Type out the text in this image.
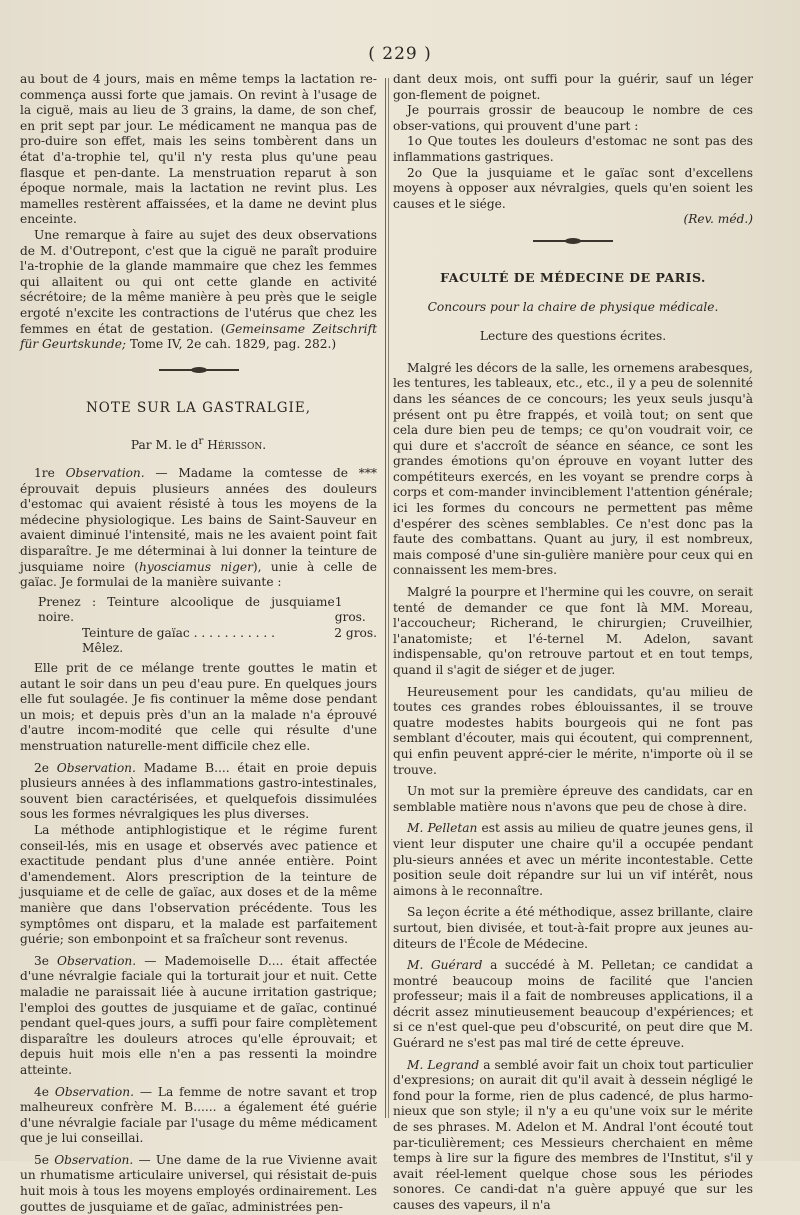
( 229 )

au bout de 4 jours, mais en même temps la lactation re-commença aussi forte que jamais. On revint à l'usage de la ciguë, mais au lieu de 3 grains, la dame, de son chef, en prit sept par jour. Le médicament ne manqua pas de pro-duire son effet, mais les seins tombèrent dans un état d'a-trophie tel, qu'il n'y resta plus qu'une peau flasque et pen-dante. La menstruation reparut à son époque normale, mais la lactation ne revint plus. Les mamelles restèrent affaissées, et la dame ne devint plus enceinte.

Une remarque à faire au sujet des deux observations de M. d'Outrepont, c'est que la ciguë ne paraît produire l'a-trophie de la glande mammaire que chez les femmes qui allaitent ou qui ont cette glande en activité sécrétoire; de la même manière à peu près que le seigle ergoté n'excite les contractions de l'utérus que chez les femmes en état de gestation. (Gemeinsame Zeitschrift für Geurtskunde; Tome IV, 2e cah. 1829, pag. 282.)

NOTE SUR LA GASTRALGIE,
Par M. le $d^r$ Hérisson.

1re Observation. — Madame la comtesse de *** éprouvait depuis plusieurs années des douleurs d'estomac qui avaient résisté à tous les moyens de la médecine physiologique. Les bains de Saint-Sauveur en avaient diminué l'intensité, mais ne les avaient point fait disparaître. Je me déterminai à lui donner la teinture de jusquiame noire (hyosciamus niger), unie à celle de gaïac. Je formulai de la manière suivante :

Prenez : Teinture alcoolique de jusquiame noire.
1 gros.
Teinture de gaïac . . . . . . . . . . .	2 gros.
Mêlez.

Elle prit de ce mélange trente gouttes le matin et autant le soir dans un peu d'eau pure. En quelques jours elle fut soulagée. Je fis continuer la même dose pendant un mois; et depuis près d'un an la malade n'a éprouvé d'autre incom-modité que celle qui résulte d'une menstruation naturelle-ment difficile chez elle.

2e Observation. Madame B.... était en proie depuis plusieurs années à des inflammations gastro-intestinales, souvent bien caractérisées, et quelquefois dissimulées sous les formes névralgiques les plus diverses.

La méthode antiphlogistique et le régime furent conseil-lés, mis en usage et observés avec patience et exactitude pendant plus d'une année entière. Point d'amendement. Alors prescription de la teinture de jusquiame et de celle de gaïac, aux doses et de la même manière que dans l'observation précédente. Tous les symptômes ont disparu, et la malade est parfaitement guérie; son embonpoint et sa fraîcheur sont revenus.

3e Observation. — Mademoiselle D.... était affectée d'une névralgie faciale qui la torturait jour et nuit. Cette maladie ne paraissait liée à aucune irritation gastrique; l'emploi des gouttes de jusquiame et de gaïac, continué pendant quel-ques jours, a suffi pour faire complètement disparaître les douleurs atroces qu'elle éprouvait; et depuis huit mois elle n'en a pas ressenti la moindre atteinte.

4e Observation. — La femme de notre savant et trop malheureux confrère M. B...... a également été guérie d'une névralgie faciale par l'usage du même médicament que je lui conseillai.

5e Observation. — Une dame de la rue Vivienne avait un rhumatisme articulaire universel, qui résistait de-puis huit mois à tous les moyens employés ordinairement. Les gouttes de jusquiame et de gaïac, administrées pen-

dant deux mois, ont suffi pour la guérir, sauf un léger gon-flement de poignet.

Je pourrais grossir de beaucoup le nombre de ces obser-vations, qui prouvent d'une part :

1o Que toutes les douleurs d'estomac ne sont pas des inflammations gastriques.

2o Que la jusquiame et le gaïac sont d'excellens moyens à opposer aux névralgies, quels qu'en soient les causes et le siége.

(Rev. méd.)

FACULTÉ DE MÉDECINE DE PARIS.
Concours pour la chaire de physique médicale.
Lecture des questions écrites.

Malgré les décors de la salle, les ornemens arabesques, les tentures, les tableaux, etc., etc., il y a peu de solennité dans les séances de ce concours; les yeux seuls jusqu'à présent ont pu être frappés, et voilà tout; on sent que cela dure bien peu de temps; ce qu'on voudrait voir, ce qui dure et s'accroît de séance en séance, ce sont les grandes émotions qu'on éprouve en voyant lutter des compétiteurs exercés, en les voyant se prendre corps à corps et com-mander invinciblement l'attention générale; ici les formes du concours ne permettent pas même d'espérer des scènes semblables. Ce n'est donc pas la faute des combattans. Quant au jury, il est nombreux, mais composé d'une sin-gulière manière pour ceux qui en connaissent les mem-bres.

Malgré la pourpre et l'hermine qui les couvre, on serait tenté de demander ce que font là MM. Moreau, l'accoucheur; Richerand, le chirurgien; Cruveilhier, l'anatomiste; et l'é-ternel M. Adelon, savant indispensable, qu'on retrouve partout et en tout temps, quand il s'agit de siéger et de juger.

Heureusement pour les candidats, qu'au milieu de toutes ces grandes robes éblouissantes, il se trouve quatre modestes habits bourgeois qui ne font pas semblant d'écouter, mais qui écoutent, qui comprennent, qui enfin peuvent appré-cier le mérite, n'importe où il se trouve.

Un mot sur la première épreuve des candidats, car en semblable matière nous n'avons que peu de chose à dire.

M. Pelletan est assis au milieu de quatre jeunes gens, il vient leur disputer une chaire qu'il a occupée pendant plu-sieurs années et avec un mérite incontestable. Cette position seule doit répandre sur lui un vif intérêt, nous aimons à le reconnaître.

Sa leçon écrite a été méthodique, assez brillante, claire surtout, bien divisée, et tout-à-fait propre aux jeunes au-diteurs de l'École de Médecine.

M. Guérard a succédé à M. Pelletan; ce candidat a montré beaucoup moins de facilité que l'ancien professeur; mais il a fait de nombreuses applications, il a décrit assez minutieusement beaucoup d'expériences; et si ce n'est quel-que peu d'obscurité, on peut dire que M. Guérard ne s'est pas mal tiré de cette épreuve.

M. Legrand a semblé avoir fait un choix tout particulier d'expresions; on aurait dit qu'il avait à dessein négligé le fond pour la forme, rien de plus cadencé, de plus harmo-nieux que son style; il n'y a eu qu'une voix sur le mérite de ses phrases. M. Adelon et M. Andral l'ont écouté tout par-ticulièrement; ces Messieurs cherchaient en même temps à lire sur la figure des membres de l'Institut, s'il y avait réel-lement quelque chose sous les périodes sonores. Ce candi-dat n'a guère appuyé que sur les causes des vapeurs, il n'a
